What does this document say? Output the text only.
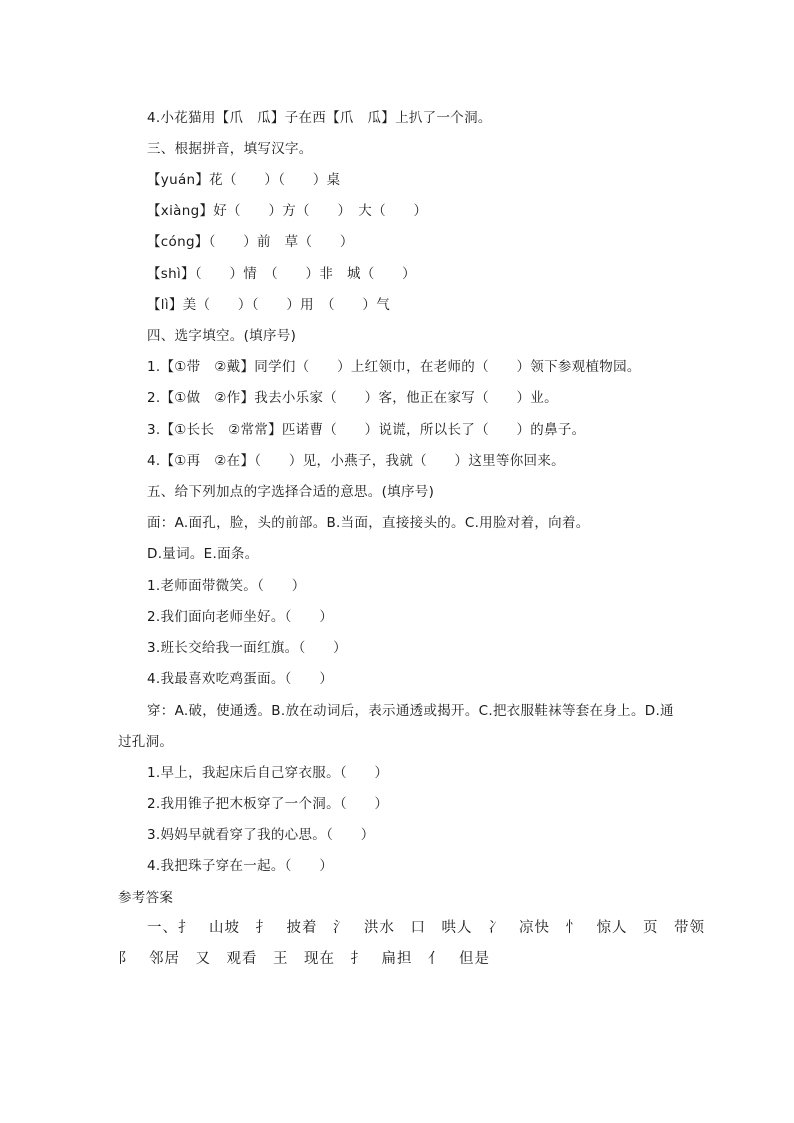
4.小花猫用【爪　瓜】子在西【爪　瓜】上扒了一个洞。
三、根据拼音，填写汉字。
【yuán】花（　　）（　　）桌
【xiàng】好（　　）方（　　）　大（　　）
【cóng】（　　）前　草（　　）
【shì】（　　）情　（　　）非　城（　　）
【lì】美（　　）（　　）用　（　　）气
四、选字填空。(填序号)
1.【①带　②戴】同学们（　　）上红领巾，在老师的（　　）领下参观植物园。
2.【①做　②作】我去小乐家（　　）客，他正在家写（　　）业。
3.【①长长　②常常】匹诺曹（　　）说谎，所以长了（　　）的鼻子。
4.【①再　②在】（　　）见，小燕子，我就（　　）这里等你回来。
五、给下列加点的字选择合适的意思。(填序号)
面：A.面孔，脸，头的前部。B.当面，直接接头的。C.用脸对着，向着。
D.量词。E.面条。
1.老师面带微笑。（　　）
2.我们面向老师坐好。（　　）
3.班长交给我一面红旗。（　　）
4.我最喜欢吃鸡蛋面。（　　）
穿：A.破，使通透。B.放在动词后，表示通透或揭开。C.把衣服鞋袜等套在身上。D.通
过孔洞。
1.早上，我起床后自己穿衣服。（　　）
2.我用锥子把木板穿了一个洞。（　　）
3.妈妈早就看穿了我的心思。（　　）
4.我把珠子穿在一起。（　　）
参考答案
一、扌　山坡　扌　披着　氵　洪水　口　哄人　冫　凉快　忄　惊人　页　带领
阝　邻居　又　观看　王　现在　扌　扁担　亻　但是
